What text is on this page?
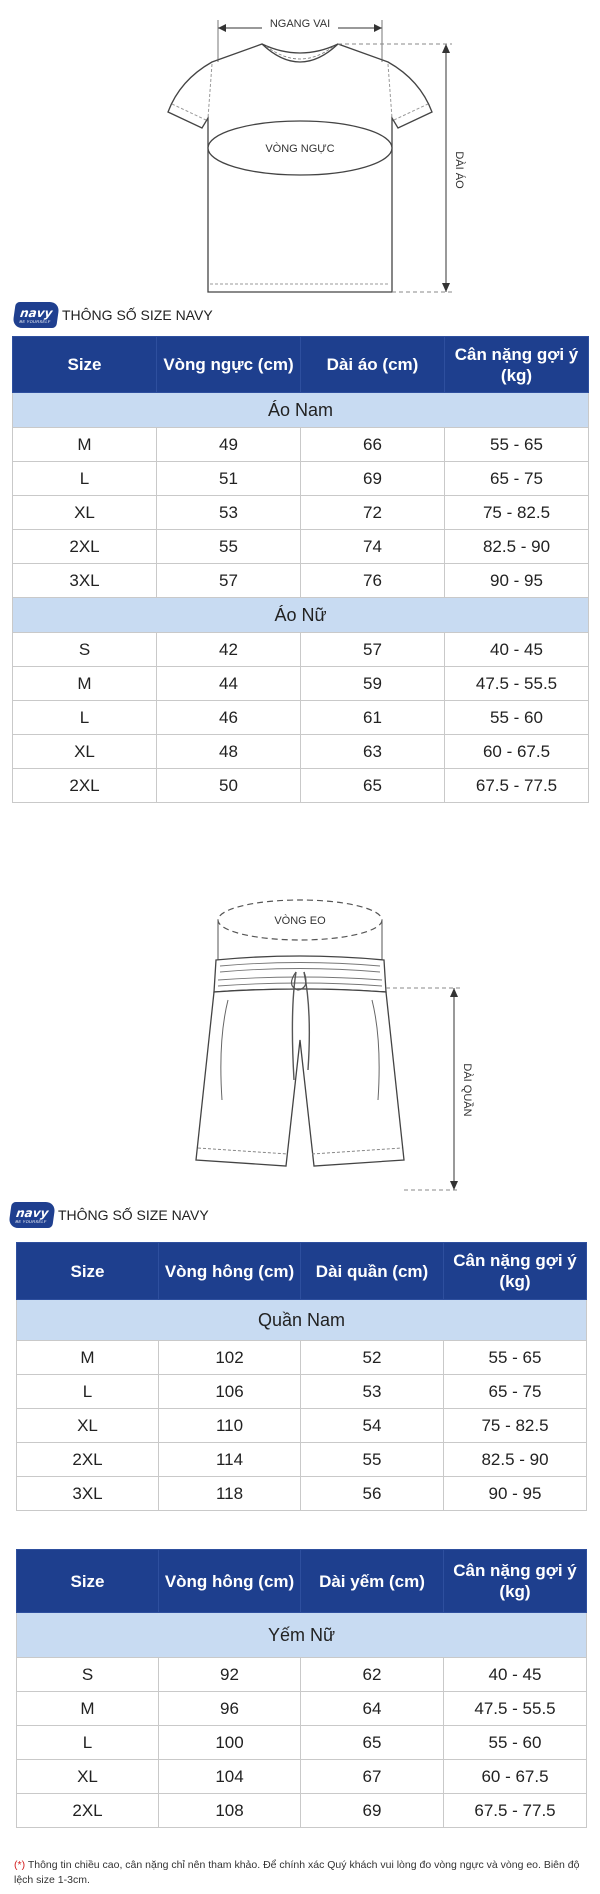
NGANG VAI
VÒNG NGỰC
DÀI ÁO
navy
BE YOURSELF THÔNG SỐ SIZE NAVY
Size	Vòng ngực (cm)	Dài áo (cm)	Cân nặng gợi ý (kg)
Áo Nam			
M	49	66	55 - 65
L	51	69	65 - 75
XL	53	72	75 - 82.5
2XL	55	74	82.5 - 90
3XL	57	76	90 - 95
Áo Nữ			
S	42	57	40 - 45
M	44	59	47.5 - 55.5
L	46	61	55 - 60
XL	48	63	60 - 67.5
2XL	50	65	67.5 - 77.5
VÒNG EO
DÀI QUẦN
navy
BE YOURSELF THÔNG SỐ SIZE NAVY
Size	Vòng hông (cm)	Dài quần (cm)	Cân nặng gợi ý (kg)
Quần Nam			
M	102	52	55 - 65
L	106	53	65 - 75
XL	110	54	75 - 82.5
2XL	114	55	82.5 - 90
3XL	118	56	90 - 95
Size	Vòng hông (cm)	Dài yếm (cm)	Cân nặng gợi ý (kg)
Yếm Nữ			
S	92	62	40 - 45
M	96	64	47.5 - 55.5
L	100	65	55 - 60
XL	104	67	60 - 67.5
2XL	108	69	67.5 - 77.5
(*) Thông tin chiều cao, cân nặng chỉ nên tham khảo. Để chính xác Quý khách vui lòng đo vòng ngực và vòng eo. Biên độ lệch size 1-3cm.
